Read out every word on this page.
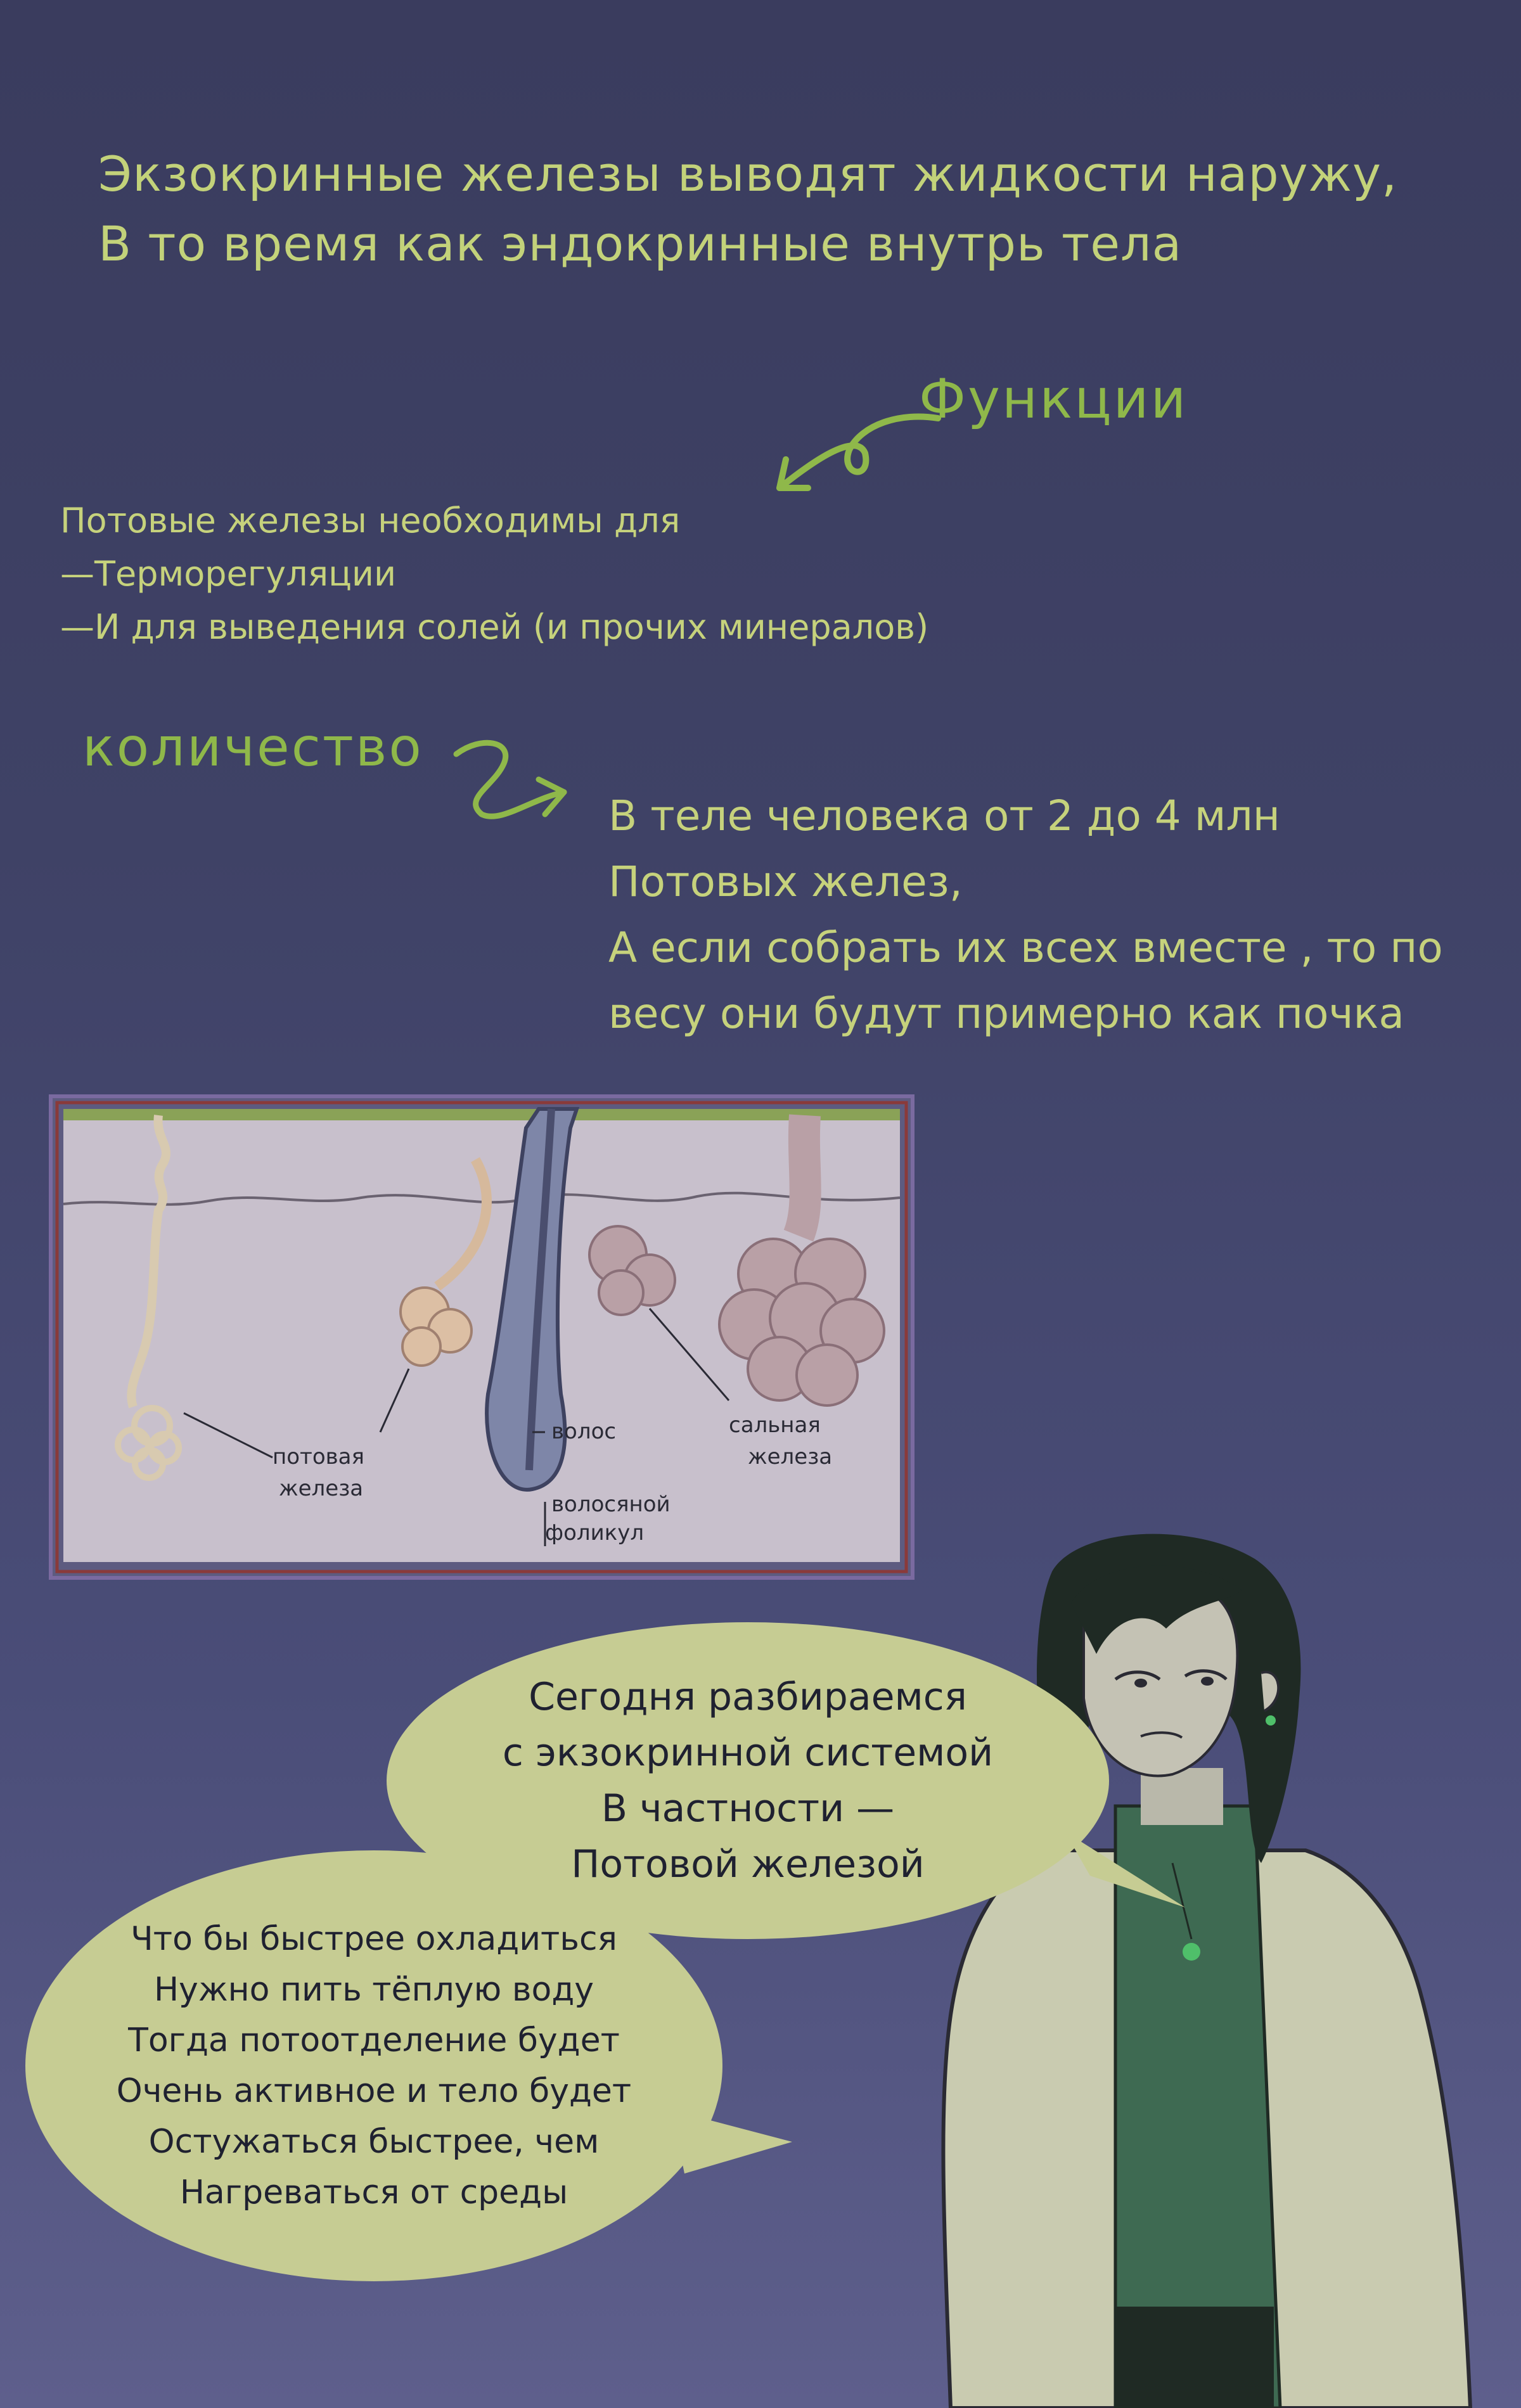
Экзокринные железы выводят жидкости наружу,
В то время как эндокринные внутрь тела
Функции
Потовые железы необходимы для
—Терморегуляции
—И для выведения солей (и прочих минералов)
количество
В теле человека от 2 до 4 млн
Потовых желез,
А если собрать их всех вместе , то по
весу они будут примерно как почка
потовая
железа
волос
волосяной
фоликул
сальная
железа
Сегодня разбираемся
с экзокринной системой
В частности —
Потовой железой
Что бы быстрее охладиться
Нужно пить тёплую воду
Тогда потоотделение будет
Очень активное и тело будет
Остужаться быстрее, чем
Нагреваться от среды
